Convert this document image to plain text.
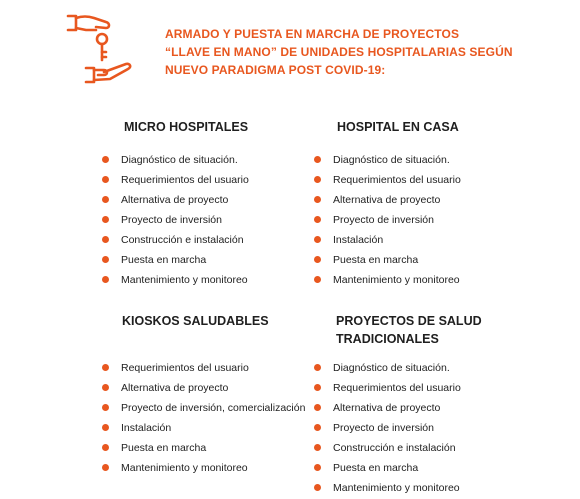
ARMADO Y PUESTA EN MARCHA DE PROYECTOS
“LLAVE EN MANO” DE UNIDADES HOSPITALARIAS SEGÚN
NUEVO PARADIGMA POST COVID-19:
MICRO HOSPITALES
Diagnóstico de situación.
Requerimientos del usuario
Alternativa de proyecto
Proyecto de inversión
Construcción e instalación
Puesta en marcha
Mantenimiento y monitoreo
HOSPITAL EN CASA
Diagnóstico de situación.
Requerimientos del usuario
Alternativa de proyecto
Proyecto de inversión
Instalación
Puesta en marcha
Mantenimiento y monitoreo
KIOSKOS SALUDABLES
Requerimientos del usuario
Alternativa de proyecto
Proyecto de inversión, comercialización
Instalación
Puesta en marcha
Mantenimiento y monitoreo
PROYECTOS DE SALUD
TRADICIONALES
Diagnóstico de situación.
Requerimientos del usuario
Alternativa de proyecto
Proyecto de inversión
Construcción e instalación
Puesta en marcha
Mantenimiento y monitoreo
